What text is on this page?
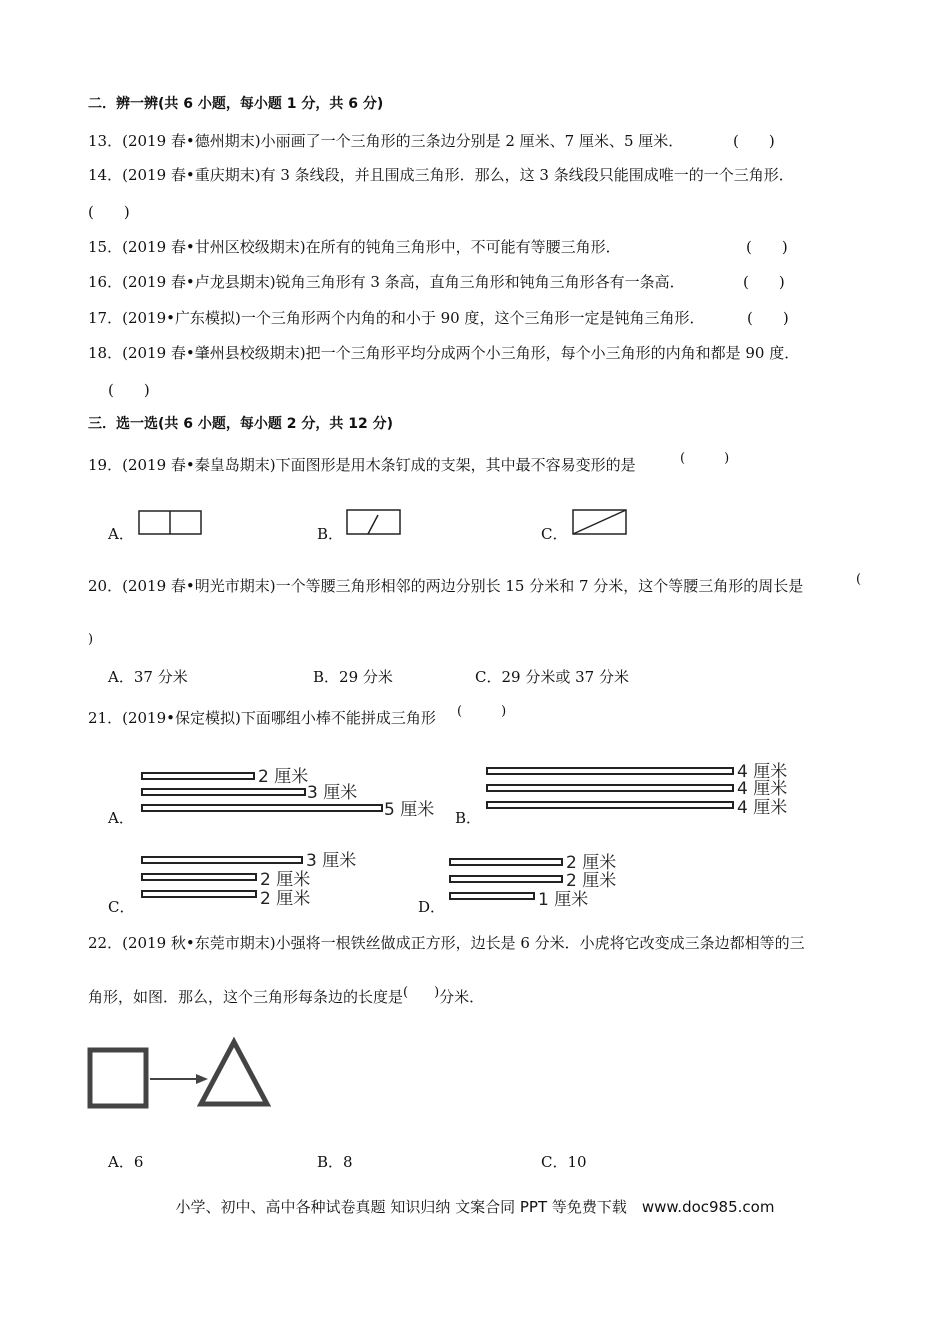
二．辨一辨(共 6 小题，每小题 1 分，共 6 分)
13．(2019 春•德州期末)小丽画了一个三角形的三条边分别是 2 厘米、7 厘米、5 厘米．	(　　)
14．(2019 春•重庆期末)有 3 条线段，并且围成三角形．那么，这 3 条线段只能围成唯一的一个三角形．
(　　)
15．(2019 春•甘州区校级期末)在所有的钝角三角形中，不可能有等腰三角形．	(　　)
16．(2019 春•卢龙县期末)锐角三角形有 3 条高，直角三角形和钝角三角形各有一条高．	(　　)
17．(2019•广东模拟)一个三角形两个内角的和小于 90 度，这个三角形一定是钝角三角形．	(　　)
18．(2019 春•肇州县校级期末)把一个三角形平均分成两个小三角形，每个小三角形的内角和都是 90 度．
(　　)
三．选一选(共 6 小题，每小题 2 分，共 12 分)
19．(2019 春•秦皇岛期末)下面图形是用木条钉成的支架，其中最不容易变形的是	(　　　)
A．	B．	C．
20．(2019 春•明光市期末)一个等腰三角形相邻的两边分别长 15 分米和 7 分米，这个等腰三角形的周长是	(
)
A．37 分米	B．29 分米	C．29 分米或 37 分米
21．(2019•保定模拟)下面哪组小棒不能拼成三角形 (　　　)
A．
2 厘米
3 厘米
5 厘米 B．
4 厘米
4 厘米
4 厘米
C．
3 厘米
2 厘米
2 厘米	D．
2 厘米
2 厘米
1 厘米
22．(2019 秋•东莞市期末)小强将一根铁丝做成正方形，边长是 6 分米．小虎将它改变成三条边都相等的三
角形，如图．那么，这个三角形每条边的长度是(　　)分米．
A．6	B．8	C．10
小学、初中、高中各种试卷真题 知识归纳 文案合同 PPT 等免费下载　www.doc985.com
